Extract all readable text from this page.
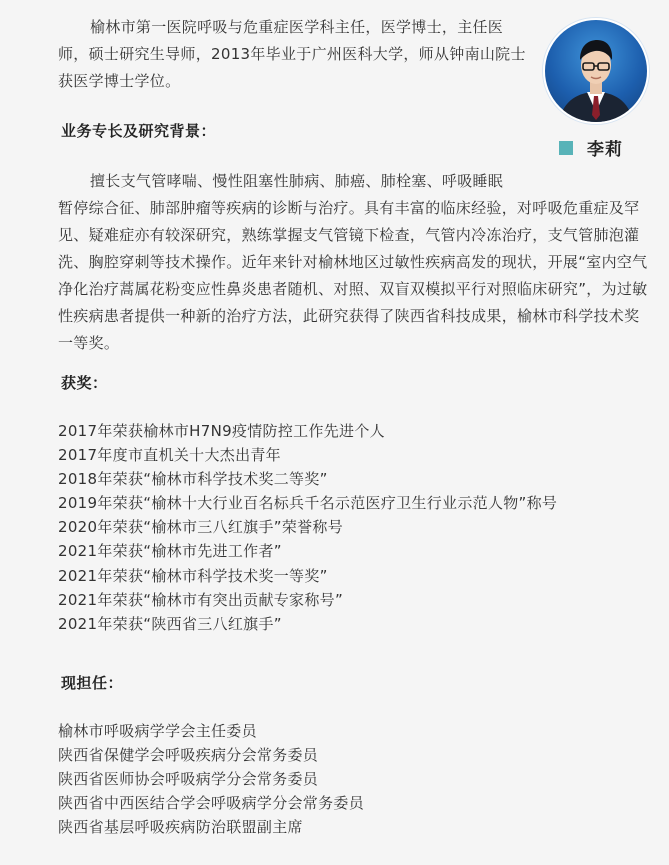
榆林市第一医院呼吸与危重症医学科主任，医学博士，主任医师，硕士研究生导师，2013年毕业于广州医科大学，师从钟南山院士获医学博士学位。

李莉
业务专长及研究背景：

擅长支气管哮喘、慢性阻塞性肺病、肺癌、肺栓塞、呼吸睡眠
暂停综合征、肺部肿瘤等疾病的诊断与治疗。具有丰富的临床经验，对呼吸危重症及罕见、疑难症亦有较深研究，熟练掌握支气管镜下检查，气管内冷冻治疗，支气管肺泡灌洗、胸腔穿刺等技术操作。近年来针对榆林地区过敏性疾病高发的现状，开展“室内空气净化治疗蒿属花粉变应性鼻炎患者随机、对照、双盲双模拟平行对照临床研究”，为过敏性疾病患者提供一种新的治疗方法，此研究获得了陕西省科技成果，榆林市科学技术奖一等奖。

获奖：
2017年荣获榆林市H7N9疫情防控工作先进个人
2017年度市直机关十大杰出青年
2018年荣获“榆林市科学技术奖二等奖”
2019年荣获“榆林十大行业百名标兵千名示范医疗卫生行业示范人物”称号
2020年荣获“榆林市三八红旗手”荣誉称号
2021年荣获“榆林市先进工作者”
2021年荣获“榆林市科学技术奖一等奖”
2021年荣获“榆林市有突出贡献专家称号”
2021年荣获“陕西省三八红旗手”
现担任：
榆林市呼吸病学学会主任委员
陕西省保健学会呼吸疾病分会常务委员
陕西省医师协会呼吸病学分会常务委员
陕西省中西医结合学会呼吸病学分会常务委员
陕西省基层呼吸疾病防治联盟副主席
